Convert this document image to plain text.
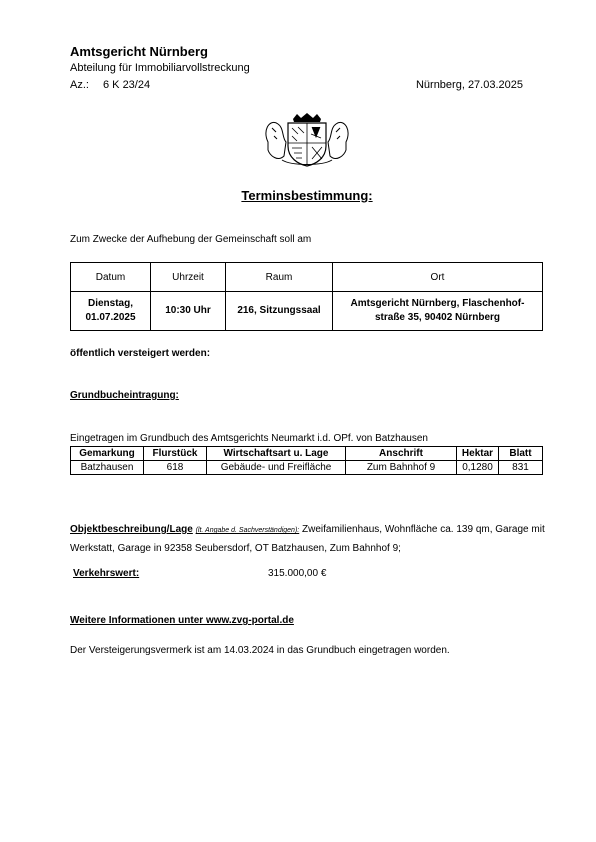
Amtsgericht Nürnberg
Abteilung für Immobiliarvollstreckung
Az.: 6 K 23/24	Nürnberg, 27.03.2025
Terminsbestimmung:
Zum Zwecke der Aufhebung der Gemeinschaft soll am
Datum	Uhrzeit	Raum	Ort
Dienstag,
01.07.2025	10:30 Uhr	216, Sitzungssaal	Amtsgericht Nürnberg, Flaschenhof-
straße 35, 90402 Nürnberg
öffentlich versteigert werden:
Grundbucheintragung:
Eingetragen im Grundbuch des Amtsgerichts Neumarkt i.d. OPf. von Batzhausen
Gemarkung	Flurstück	Wirtschaftsart u. Lage	Anschrift	Hektar	Blatt
Batzhausen	618	Gebäude- und Freifläche	Zum Bahnhof 9	0,1280	831
Objektbeschreibung/Lage (lt. Angabe d. Sachverständigen): Zweifamilienhaus, Wohnfläche ca. 139 qm, Garage mit Werkstatt, Garage in 92358 Seubersdorf, OT Batzhausen, Zum Bahnhof 9;
Verkehrswert:	315.000,00 €
Weitere Informationen unter www.zvg-portal.de
Der Versteigerungsvermerk ist am 14.03.2024 in das Grundbuch eingetragen worden.
